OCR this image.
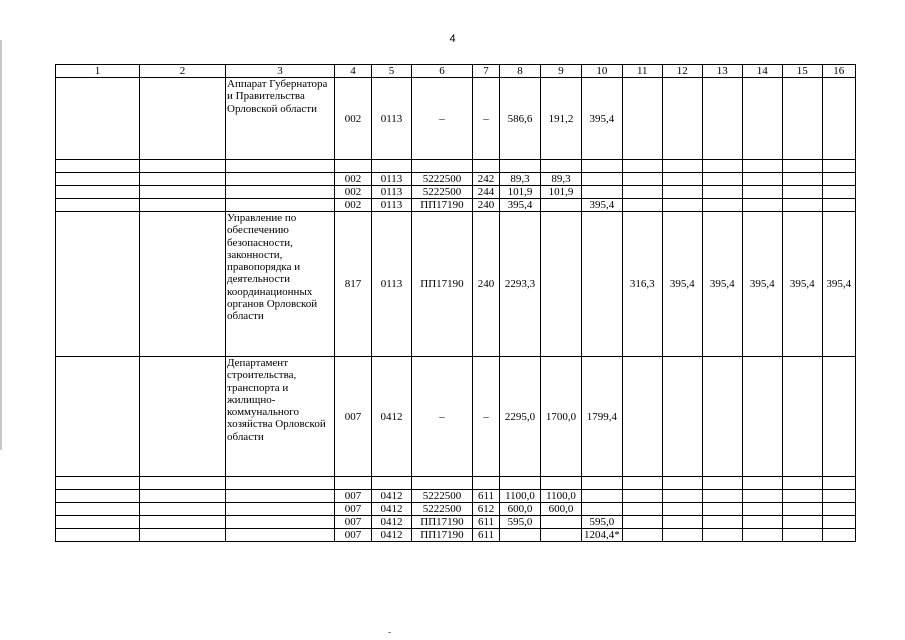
4
1	2	3	4	5	6	7	8	9	10	11	12	13	14	15	16
		Аппарат Губернатора и Правительства Орловской области	002	0113	–	–	586,6	191,2	395,4						

			002	0113	5222500	242	89,3	89,3							
			002	0113	5222500	244	101,9	101,9							
			002	0113	ПП17190	240	395,4		395,4						
		Управление по обеспечению безопасности, законности, правопорядка и деятельности координационных органов Орловской области	817	0113	ПП17190	240	2293,3			316,3	395,4	395,4	395,4	395,4	395,4
		Департамент строительства, транспорта и жилищно-коммунального хозяйства Орловской области	007	0412	–	–	2295,0	1700,0	1799,4						

			007	0412	5222500	611	1100,0	1100,0							
			007	0412	5222500	612	600,0	600,0							
			007	0412	ПП17190	611	595,0		595,0						
			007	0412	ПП17190	611			1204,4*						
